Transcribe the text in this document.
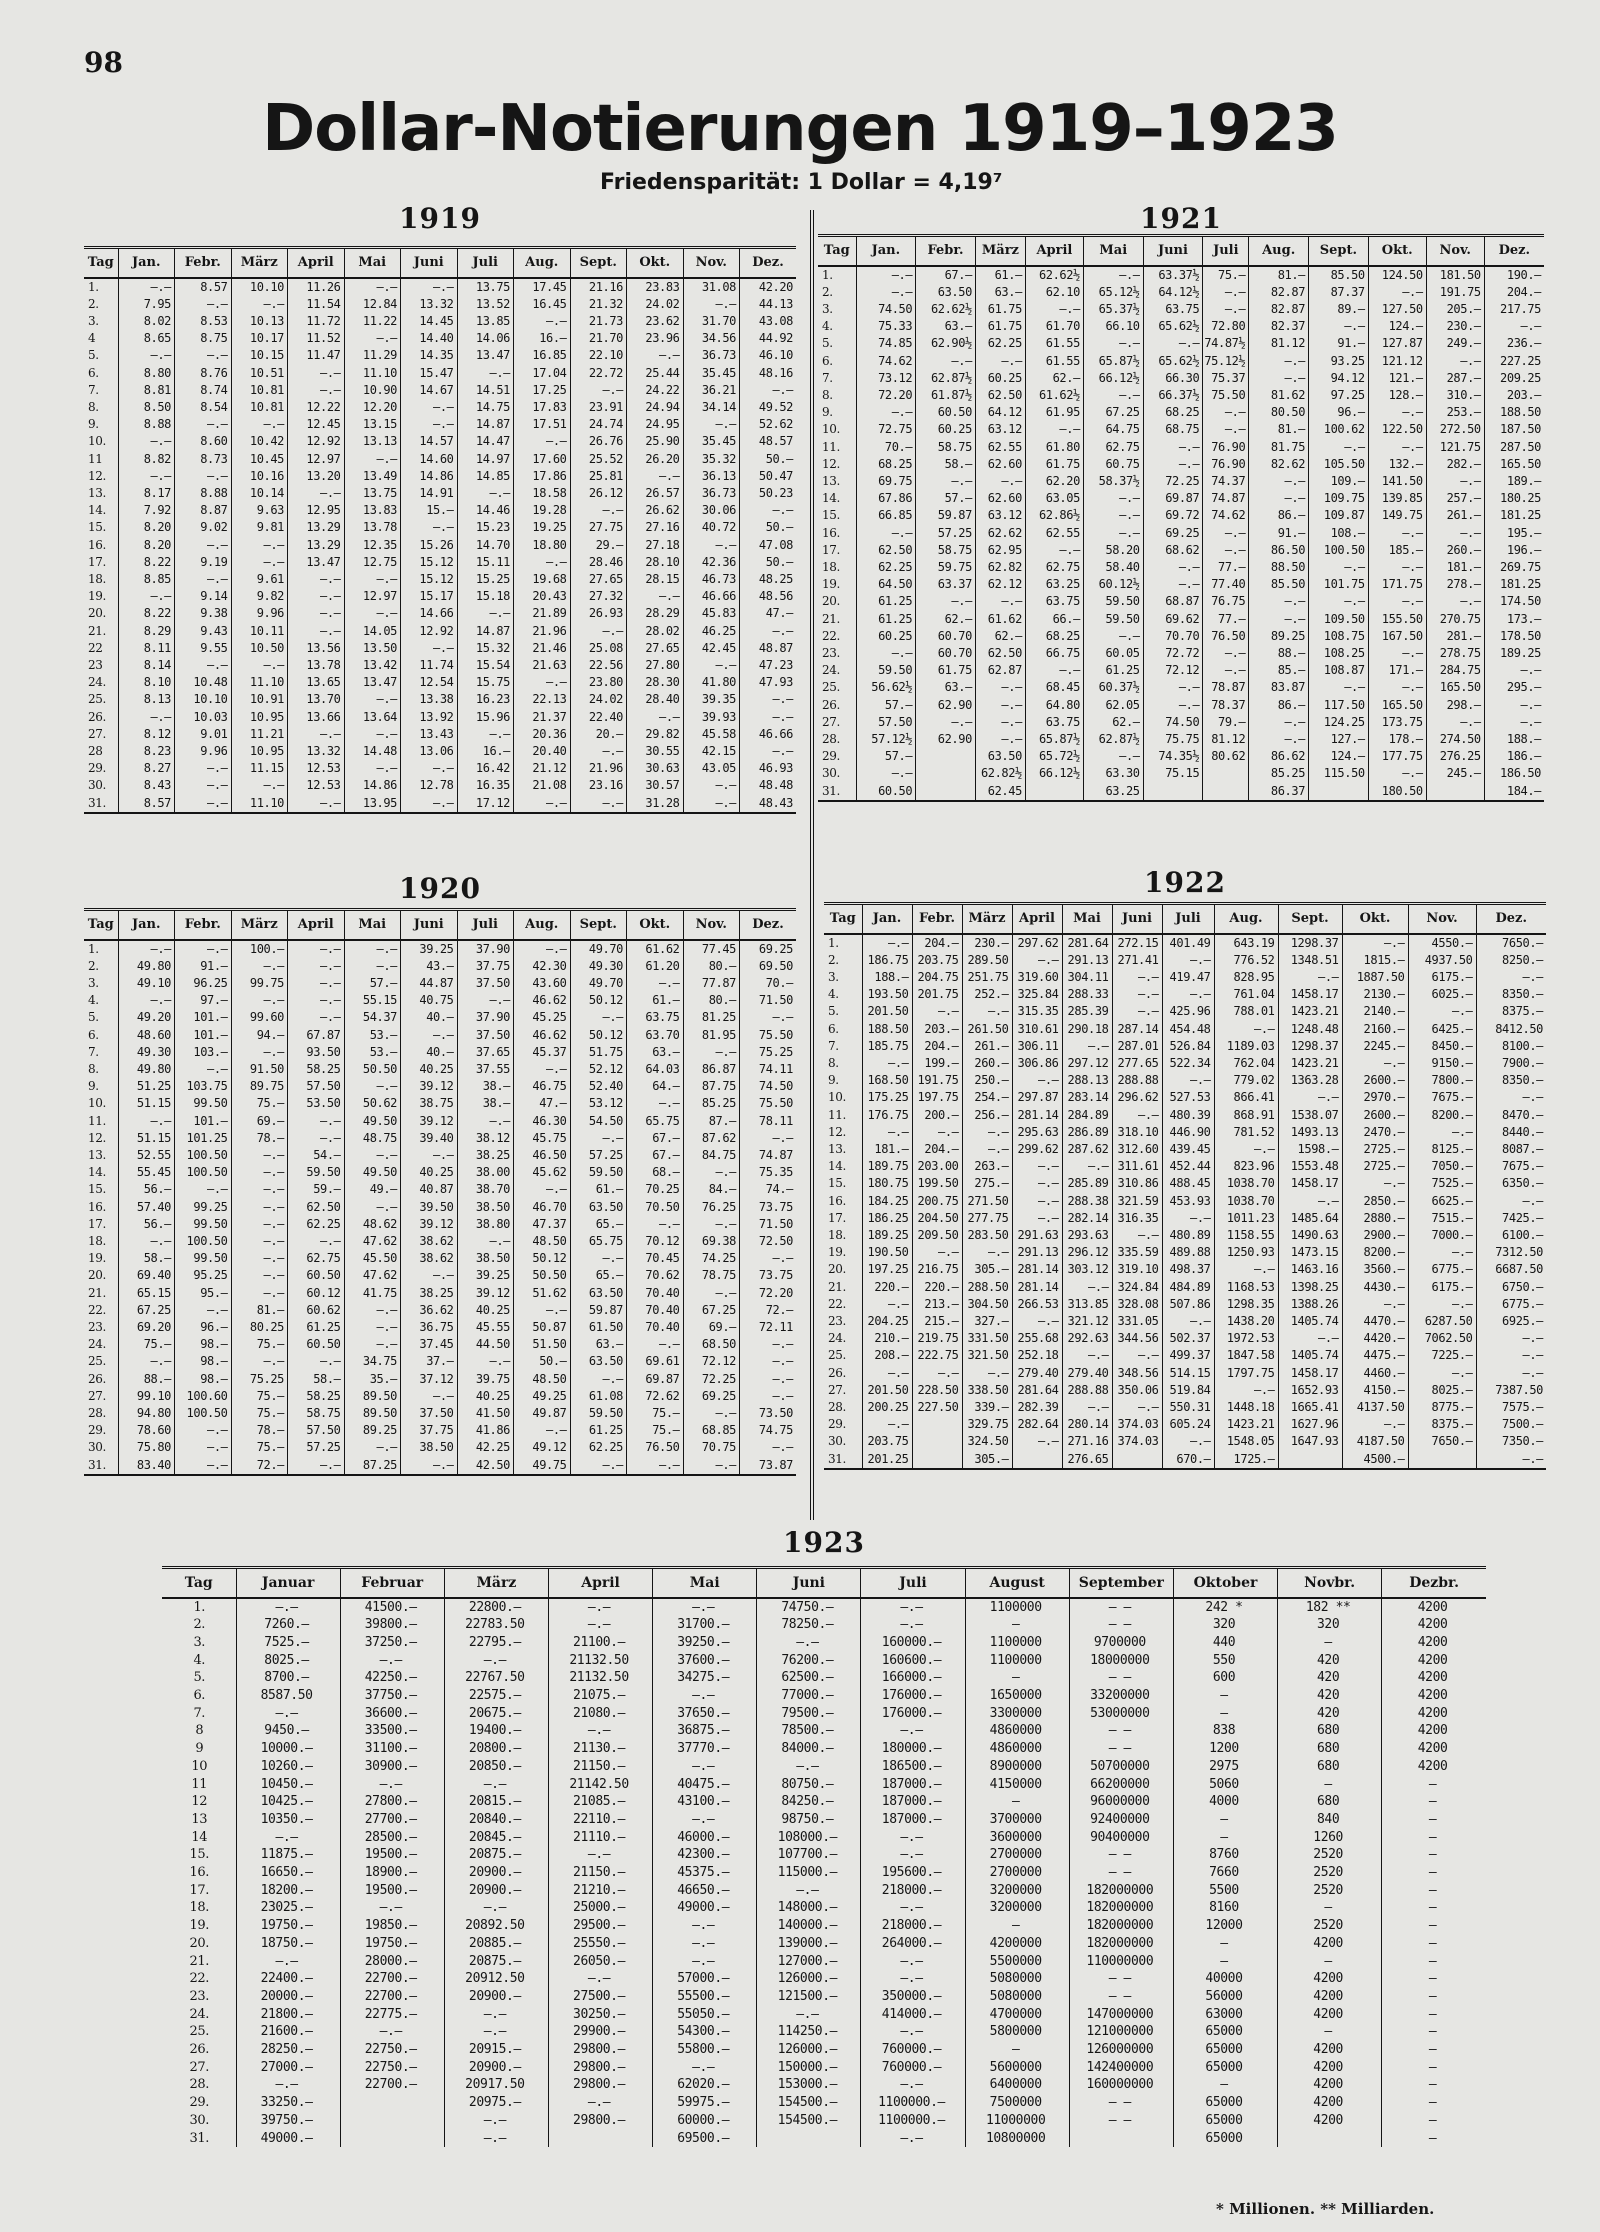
98
Dollar-Notierungen 1919–1923
Friedensparität: 1 Dollar = 4,19⁷
1919
Tag	Jan.	Febr.	März	April	Mai	Juni	Juli	Aug.	Sept.	Okt.	Nov.	Dez.
1.	—.—	8.57	10.10	11.26	—.—	—.—	13.75	17.45	21.16	23.83	31.08	42.20
2.	7.95	—.—	—.—	11.54	12.84	13.32	13.52	16.45	21.32	24.02	—.—	44.13
3.	8.02	8.53	10.13	11.72	11.22	14.45	13.85	—.—	21.73	23.62	31.70	43.08
4	8.65	8.75	10.17	11.52	—.—	14.40	14.06	16.—	21.70	23.96	34.56	44.92
5.	—.—	—.—	10.15	11.47	11.29	14.35	13.47	16.85	22.10	—.—	36.73	46.10
6.	8.80	8.76	10.51	—.—	11.10	15.47	—.—	17.04	22.72	25.44	35.45	48.16
7.	8.81	8.74	10.81	—.—	10.90	14.67	14.51	17.25	—.—	24.22	36.21	—.—
8.	8.50	8.54	10.81	12.22	12.20	—.—	14.75	17.83	23.91	24.94	34.14	49.52
9.	8.88	—.—	—.—	12.45	13.15	—.—	14.87	17.51	24.74	24.95	—.—	52.62
10.	—.—	8.60	10.42	12.92	13.13	14.57	14.47	—.—	26.76	25.90	35.45	48.57
11	8.82	8.73	10.45	12.97	—.—	14.60	14.97	17.60	25.52	26.20	35.32	50.—
12.	—.—	—.—	10.16	13.20	13.49	14.86	14.85	17.86	25.81	—.—	36.13	50.47
13.	8.17	8.88	10.14	—.—	13.75	14.91	—.—	18.58	26.12	26.57	36.73	50.23
14.	7.92	8.87	9.63	12.95	13.83	15.—	14.46	19.28	—.—	26.62	30.06	—.—
15.	8.20	9.02	9.81	13.29	13.78	—.—	15.23	19.25	27.75	27.16	40.72	50.—
16.	8.20	—.—	—.—	13.29	12.35	15.26	14.70	18.80	29.—	27.18	—.—	47.08
17.	8.22	9.19	—.—	13.47	12.75	15.12	15.11	—.—	28.46	28.10	42.36	50.—
18.	8.85	—.—	9.61	—.—	—.—	15.12	15.25	19.68	27.65	28.15	46.73	48.25
19.	—.—	9.14	9.82	—.—	12.97	15.17	15.18	20.43	27.32	—.—	46.66	48.56
20.	8.22	9.38	9.96	—.—	—.—	14.66	—.—	21.89	26.93	28.29	45.83	47.—
21.	8.29	9.43	10.11	—.—	14.05	12.92	14.87	21.96	—.—	28.02	46.25	—.—
22	8.11	9.55	10.50	13.56	13.50	—.—	15.32	21.46	25.08	27.65	42.45	48.87
23	8.14	—.—	—.—	13.78	13.42	11.74	15.54	21.63	22.56	27.80	—.—	47.23
24.	8.10	10.48	11.10	13.65	13.47	12.54	15.75	—.—	23.80	28.30	41.80	47.93
25.	8.13	10.10	10.91	13.70	—.—	13.38	16.23	22.13	24.02	28.40	39.35	—.—
26.	—.—	10.03	10.95	13.66	13.64	13.92	15.96	21.37	22.40	—.—	39.93	—.—
27.	8.12	9.01	11.21	—.—	—.—	13.43	—.—	20.36	20.—	29.82	45.58	46.66
28	8.23	9.96	10.95	13.32	14.48	13.06	16.—	20.40	—.—	30.55	42.15	—.—
29.	8.27	—.—	11.15	12.53	—.—	—.—	16.42	21.12	21.96	30.63	43.05	46.93
30.	8.43	—.—	—.—	12.53	14.86	12.78	16.35	21.08	23.16	30.57	—.—	48.48
31.	8.57	—.—	11.10	—.—	13.95	—.—	17.12	—.—	—.—	31.28	—.—	48.43
1921
Tag	Jan.	Febr.	März	April	Mai	Juni	Juli	Aug.	Sept.	Okt.	Nov.	Dez.
1.	—.—	67.—	61.—	62.62½	—.—	63.37½	75.—	81.—	85.50	124.50	181.50	190.—
2.	—.—	63.50	63.—	62.10	65.12½	64.12½	—.—	82.87	87.37	—.—	191.75	204.—
3.	74.50	62.62½	61.75	—.—	65.37½	63.75	—.—	82.87	89.—	127.50	205.—	217.75
4.	75.33	63.—	61.75	61.70	66.10	65.62½	72.80	82.37	—.—	124.—	230.—	—.—
5.	74.85	62.90½	62.25	61.55	—.—	—.—	74.87½	81.12	91.—	127.87	249.—	236.—
6.	74.62	—.—	—.—	61.55	65.87½	65.62½	75.12½	—.—	93.25	121.12	—.—	227.25
7.	73.12	62.87½	60.25	62.—	66.12½	66.30	75.37	—.—	94.12	121.—	287.—	209.25
8.	72.20	61.87½	62.50	61.62½	—.—	66.37½	75.50	81.62	97.25	128.—	310.—	203.—
9.	—.—	60.50	64.12	61.95	67.25	68.25	—.—	80.50	96.—	—.—	253.—	188.50
10.	72.75	60.25	63.12	—.—	64.75	68.75	—.—	81.—	100.62	122.50	272.50	187.50
11.	70.—	58.75	62.55	61.80	62.75	—.—	76.90	81.75	—.—	—.—	121.75	287.50
12.	68.25	58.—	62.60	61.75	60.75	—.—	76.90	82.62	105.50	132.—	282.—	165.50
13.	69.75	—.—	—.—	62.20	58.37½	72.25	74.37	—.—	109.—	141.50	—.—	189.—
14.	67.86	57.—	62.60	63.05	—.—	69.87	74.87	—.—	109.75	139.85	257.—	180.25
15.	66.85	59.87	63.12	62.86½	—.—	69.72	74.62	86.—	109.87	149.75	261.—	181.25
16.	—.—	57.25	62.62	62.55	—.—	69.25	—.—	91.—	108.—	—.—	—.—	195.—
17.	62.50	58.75	62.95	—.—	58.20	68.62	—.—	86.50	100.50	185.—	260.—	196.—
18.	62.25	59.75	62.82	62.75	58.40	—.—	77.—	88.50	—.—	—.—	181.—	269.75
19.	64.50	63.37	62.12	63.25	60.12½	—.—	77.40	85.50	101.75	171.75	278.—	181.25
20.	61.25	—.—	—.—	63.75	59.50	68.87	76.75	—.—	—.—	—.—	—.—	174.50
21.	61.25	62.—	61.62	66.—	59.50	69.62	77.—	—.—	109.50	155.50	270.75	173.—
22.	60.25	60.70	62.—	68.25	—.—	70.70	76.50	89.25	108.75	167.50	281.—	178.50
23.	—.—	60.70	62.50	66.75	60.05	72.72	—.—	88.—	108.25	—.—	278.75	189.25
24.	59.50	61.75	62.87	—.—	61.25	72.12	—.—	85.—	108.87	171.—	284.75	—.—
25.	56.62½	63.—	—.—	68.45	60.37½	—.—	78.87	83.87	—.—	—.—	165.50	295.—
26.	57.—	62.90	—.—	64.80	62.05	—.—	78.37	86.—	117.50	165.50	298.—	—.—
27.	57.50	—.—	—.—	63.75	62.—	74.50	79.—	—.—	124.25	173.75	—.—	—.—
28.	57.12½	62.90	—.—	65.87½	62.87½	75.75	81.12	—.—	127.—	178.—	274.50	188.—
29.	57.—		63.50	65.72½	—.—	74.35½	80.62	86.62	124.—	177.75	276.25	186.—
30.	—.—		62.82½	66.12½	63.30	75.15		85.25	115.50	—.—	245.—	186.50
31.	60.50		62.45		63.25			86.37		180.50		184.—
1920
Tag	Jan.	Febr.	März	April	Mai	Juni	Juli	Aug.	Sept.	Okt.	Nov.	Dez.
1.	—.—	—.—	100.—	—.—	—.—	39.25	37.90	—.—	49.70	61.62	77.45	69.25
2.	49.80	91.—	—.—	—.—	—.—	43.—	37.75	42.30	49.30	61.20	80.—	69.50
3.	49.10	96.25	99.75	—.—	57.—	44.87	37.50	43.60	49.70	—.—	77.87	70.—
4.	—.—	97.—	—.—	—.—	55.15	40.75	—.—	46.62	50.12	61.—	80.—	71.50
5.	49.20	101.—	99.60	—.—	54.37	40.—	37.90	45.25	—.—	63.75	81.25	—.—
6.	48.60	101.—	94.—	67.87	53.—	—.—	37.50	46.62	50.12	63.70	81.95	75.50
7.	49.30	103.—	—.—	93.50	53.—	40.—	37.65	45.37	51.75	63.—	—.—	75.25
8.	49.80	—.—	91.50	58.25	50.50	40.25	37.55	—.—	52.12	64.03	86.87	74.11
9.	51.25	103.75	89.75	57.50	—.—	39.12	38.—	46.75	52.40	64.—	87.75	74.50
10.	51.15	99.50	75.—	53.50	50.62	38.75	38.—	47.—	53.12	—.—	85.25	75.50
11.	—.—	101.—	69.—	—.—	49.50	39.12	—.—	46.30	54.50	65.75	87.—	78.11
12.	51.15	101.25	78.—	—.—	48.75	39.40	38.12	45.75	—.—	67.—	87.62	—.—
13.	52.55	100.50	—.—	54.—	—.—	—.—	38.25	46.50	57.25	67.—	84.75	74.87
14.	55.45	100.50	—.—	59.50	49.50	40.25	38.00	45.62	59.50	68.—	—.—	75.35
15.	56.—	—.—	—.—	59.—	49.—	40.87	38.70	—.—	61.—	70.25	84.—	74.—
16.	57.40	99.25	—.—	62.50	—.—	39.50	38.50	46.70	63.50	70.50	76.25	73.75
17.	56.—	99.50	—.—	62.25	48.62	39.12	38.80	47.37	65.—	—.—	—.—	71.50
18.	—.—	100.50	—.—	—.—	47.62	38.62	—.—	48.50	65.75	70.12	69.38	72.50
19.	58.—	99.50	—.—	62.75	45.50	38.62	38.50	50.12	—.—	70.45	74.25	—.—
20.	69.40	95.25	—.—	60.50	47.62	—.—	39.25	50.50	65.—	70.62	78.75	73.75
21.	65.15	95.—	—.—	60.12	41.75	38.25	39.12	51.62	63.50	70.40	—.—	72.20
22.	67.25	—.—	81.—	60.62	—.—	36.62	40.25	—.—	59.87	70.40	67.25	72.—
23.	69.20	96.—	80.25	61.25	—.—	36.75	45.55	50.87	61.50	70.40	69.—	72.11
24.	75.—	98.—	75.—	60.50	—.—	37.45	44.50	51.50	63.—	—.—	68.50	—.—
25.	—.—	98.—	—.—	—.—	34.75	37.—	—.—	50.—	63.50	69.61	72.12	—.—
26.	88.—	98.—	75.25	58.—	35.—	37.12	39.75	48.50	—.—	69.87	72.25	—.—
27.	99.10	100.60	75.—	58.25	89.50	—.—	40.25	49.25	61.08	72.62	69.25	—.—
28.	94.80	100.50	75.—	58.75	89.50	37.50	41.50	49.87	59.50	75.—	—.—	73.50
29.	78.60	—.—	78.—	57.50	89.25	37.75	41.86	—.—	61.25	75.—	68.85	74.75
30.	75.80	—.—	75.—	57.25	—.—	38.50	42.25	49.12	62.25	76.50	70.75	—.—
31.	83.40	—.—	72.—	—.—	87.25	—.—	42.50	49.75	—.—	—.—	—.—	73.87
1922
Tag	Jan.	Febr.	März	April	Mai	Juni	Juli	Aug.	Sept.	Okt.	Nov.	Dez.
1.	—.—	204.—	230.—	297.62	281.64	272.15	401.49	643.19	1298.37	—.—	4550.—	7650.—
2.	186.75	203.75	289.50	—.—	291.13	271.41	—.—	776.52	1348.51	1815.—	4937.50	8250.—
3.	188.—	204.75	251.75	319.60	304.11	—.—	419.47	828.95	—.—	1887.50	6175.—	—.—
4.	193.50	201.75	252.—	325.84	288.33	—.—	—.—	761.04	1458.17	2130.—	6025.—	8350.—
5.	201.50	—.—	—.—	315.35	285.39	—.—	425.96	788.01	1423.21	2140.—	—.—	8375.—
6.	188.50	203.—	261.50	310.61	290.18	287.14	454.48	—.—	1248.48	2160.—	6425.—	8412.50
7.	185.75	204.—	261.—	306.11	—.—	287.01	526.84	1189.03	1298.37	2245.—	8450.—	8100.—
8.	—.—	199.—	260.—	306.86	297.12	277.65	522.34	762.04	1423.21	—.—	9150.—	7900.—
9.	168.50	191.75	250.—	—.—	288.13	288.88	—.—	779.02	1363.28	2600.—	7800.—	8350.—
10.	175.25	197.75	254.—	297.87	283.14	296.62	527.53	866.41	—.—	2970.—	7675.—	—.—
11.	176.75	200.—	256.—	281.14	284.89	—.—	480.39	868.91	1538.07	2600.—	8200.—	8470.—
12.	—.—	—.—	—.—	295.63	286.89	318.10	446.90	781.52	1493.13	2470.—	—.—	8440.—
13.	181.—	204.—	—.—	299.62	287.62	312.60	439.45	—.—	1598.—	2725.—	8125.—	8087.—
14.	189.75	203.00	263.—	—.—	—.—	311.61	452.44	823.96	1553.48	2725.—	7050.—	7675.—
15.	180.75	199.50	275.—	—.—	285.89	310.86	488.45	1038.70	1458.17	—.—	7525.—	6350.—
16.	184.25	200.75	271.50	—.—	288.38	321.59	453.93	1038.70	—.—	2850.—	6625.—	—.—
17.	186.25	204.50	277.75	—.—	282.14	316.35	—.—	1011.23	1485.64	2880.—	7515.—	7425.—
18.	189.25	209.50	283.50	291.63	293.63	—.—	480.89	1158.55	1490.63	2900.—	7000.—	6100.—
19.	190.50	—.—	—.—	291.13	296.12	335.59	489.88	1250.93	1473.15	8200.—	—.—	7312.50
20.	197.25	216.75	305.—	281.14	303.12	319.10	498.37	—.—	1463.16	3560.—	6775.—	6687.50
21.	220.—	220.—	288.50	281.14	—.—	324.84	484.89	1168.53	1398.25	4430.—	6175.—	6750.—
22.	—.—	213.—	304.50	266.53	313.85	328.08	507.86	1298.35	1388.26	—.—	—.—	6775.—
23.	204.25	215.—	327.—	—.—	321.12	331.05	—.—	1438.20	1405.74	4470.—	6287.50	6925.—
24.	210.—	219.75	331.50	255.68	292.63	344.56	502.37	1972.53	—.—	4420.—	7062.50	—.—
25.	208.—	222.75	321.50	252.18	—.—	—.—	499.37	1847.58	1405.74	4475.—	7225.—	—.—
26.	—.—	—.—	—.—	279.40	279.40	348.56	514.15	1797.75	1458.17	4460.—	—.—	—.—
27.	201.50	228.50	338.50	281.64	288.88	350.06	519.84	—.—	1652.93	4150.—	8025.—	7387.50
28.	200.25	227.50	339.—	282.39	—.—	—.—	550.31	1448.18	1665.41	4137.50	8775.—	7575.—
29.	—.—		329.75	282.64	280.14	374.03	605.24	1423.21	1627.96	—.—	8375.—	7500.—
30.	203.75		324.50	—.—	271.16	374.03	—.—	1548.05	1647.93	4187.50	7650.—	7350.—
31.	201.25		305.—		276.65		670.—	1725.—		4500.—		—.—
1923
Tag	Januar	Februar	März	April	Mai	Juni	Juli	August	September	Oktober	Novbr.	Dezbr.
1.	—.—	41500.—	22800.—	—.—	—.—	74750.—	—.—	1100000	— —	242 *	182 **	4200
2.	7260.—	39800.—	22783.50	—.—	31700.—	78250.—	—.—	—	— —	320	320	4200
3.	7525.—	37250.—	22795.—	21100.—	39250.—	—.—	160000.—	1100000	9700000	440	—	4200
4.	8025.—	—.—	—.—	21132.50	37600.—	76200.—	160600.—	1100000	18000000	550	420	4200
5.	8700.—	42250.—	22767.50	21132.50	34275.—	62500.—	166000.—	—	— —	600	420	4200
6.	8587.50	37750.—	22575.—	21075.—	—.—	77000.—	176000.—	1650000	33200000	—	420	4200
7.	—.—	36600.—	20675.—	21080.—	37650.—	79500.—	176000.—	3300000	53000000	—	420	4200
8	9450.—	33500.—	19400.—	—.—	36875.—	78500.—	—.—	4860000	— —	838	680	4200
9	10000.—	31100.—	20800.—	21130.—	37770.—	84000.—	180000.—	4860000	— —	1200	680	4200
10	10260.—	30900.—	20850.—	21150.—	—.—	—.—	186500.—	8900000	50700000	2975	680	4200
11	10450.—	—.—	—.—	21142.50	40475.—	80750.—	187000.—	4150000	66200000	5060	—	—
12	10425.—	27800.—	20815.—	21085.—	43100.—	84250.—	187000.—	—	96000000	4000	680	—
13	10350.—	27700.—	20840.—	22110.—	—.—	98750.—	187000.—	3700000	92400000	—	840	—
14	—.—	28500.—	20845.—	21110.—	46000.—	108000.—	—.—	3600000	90400000	—	1260	—
15.	11875.—	19500.—	20875.—	—.—	42300.—	107700.—	—.—	2700000	— —	8760	2520	—
16.	16650.—	18900.—	20900.—	21150.—	45375.—	115000.—	195600.—	2700000	— —	7660	2520	—
17.	18200.—	19500.—	20900.—	21210.—	46650.—	—.—	218000.—	3200000	182000000	5500	2520	—
18.	23025.—	—.—	—.—	25000.—	49000.—	148000.—	—.—	3200000	182000000	8160	—	—
19.	19750.—	19850.—	20892.50	29500.—	—.—	140000.—	218000.—	—	182000000	12000	2520	—
20.	18750.—	19750.—	20885.—	25550.—	—.—	139000.—	264000.—	4200000	182000000	—	4200	—
21.	—.—	28000.—	20875.—	26050.—	—.—	127000.—	—.—	5500000	110000000	—	—	—
22.	22400.—	22700.—	20912.50	—.—	57000.—	126000.—	—.—	5080000	— —	40000	4200	—
23.	20000.—	22700.—	20900.—	27500.—	55500.—	121500.—	350000.—	5080000	— —	56000	4200	—
24.	21800.—	22775.—	—.—	30250.—	55050.—	—.—	414000.—	4700000	147000000	63000	4200	—
25.	21600.—	—.—	—.—	29900.—	54300.—	114250.—	—.—	5800000	121000000	65000	—	—
26.	28250.—	22750.—	20915.—	29800.—	55800.—	126000.—	760000.—	—	126000000	65000	4200	—
27.	27000.—	22750.—	20900.—	29800.—	—.—	150000.—	760000.—	5600000	142400000	65000	4200	—
28.	—.—	22700.—	20917.50	29800.—	62020.—	153000.—	—.—	6400000	160000000	—	4200	—
29.	33250.—		20975.—	—.—	59975.—	154500.—	1100000.—	7500000	— —	65000	4200	—
30.	39750.—		—.—	29800.—	60000.—	154500.—	1100000.—	11000000	— —	65000	4200	—
31.	49000.—		—.—		69500.—		—.—	10800000		65000		—
* Millionen. ** Milliarden.
